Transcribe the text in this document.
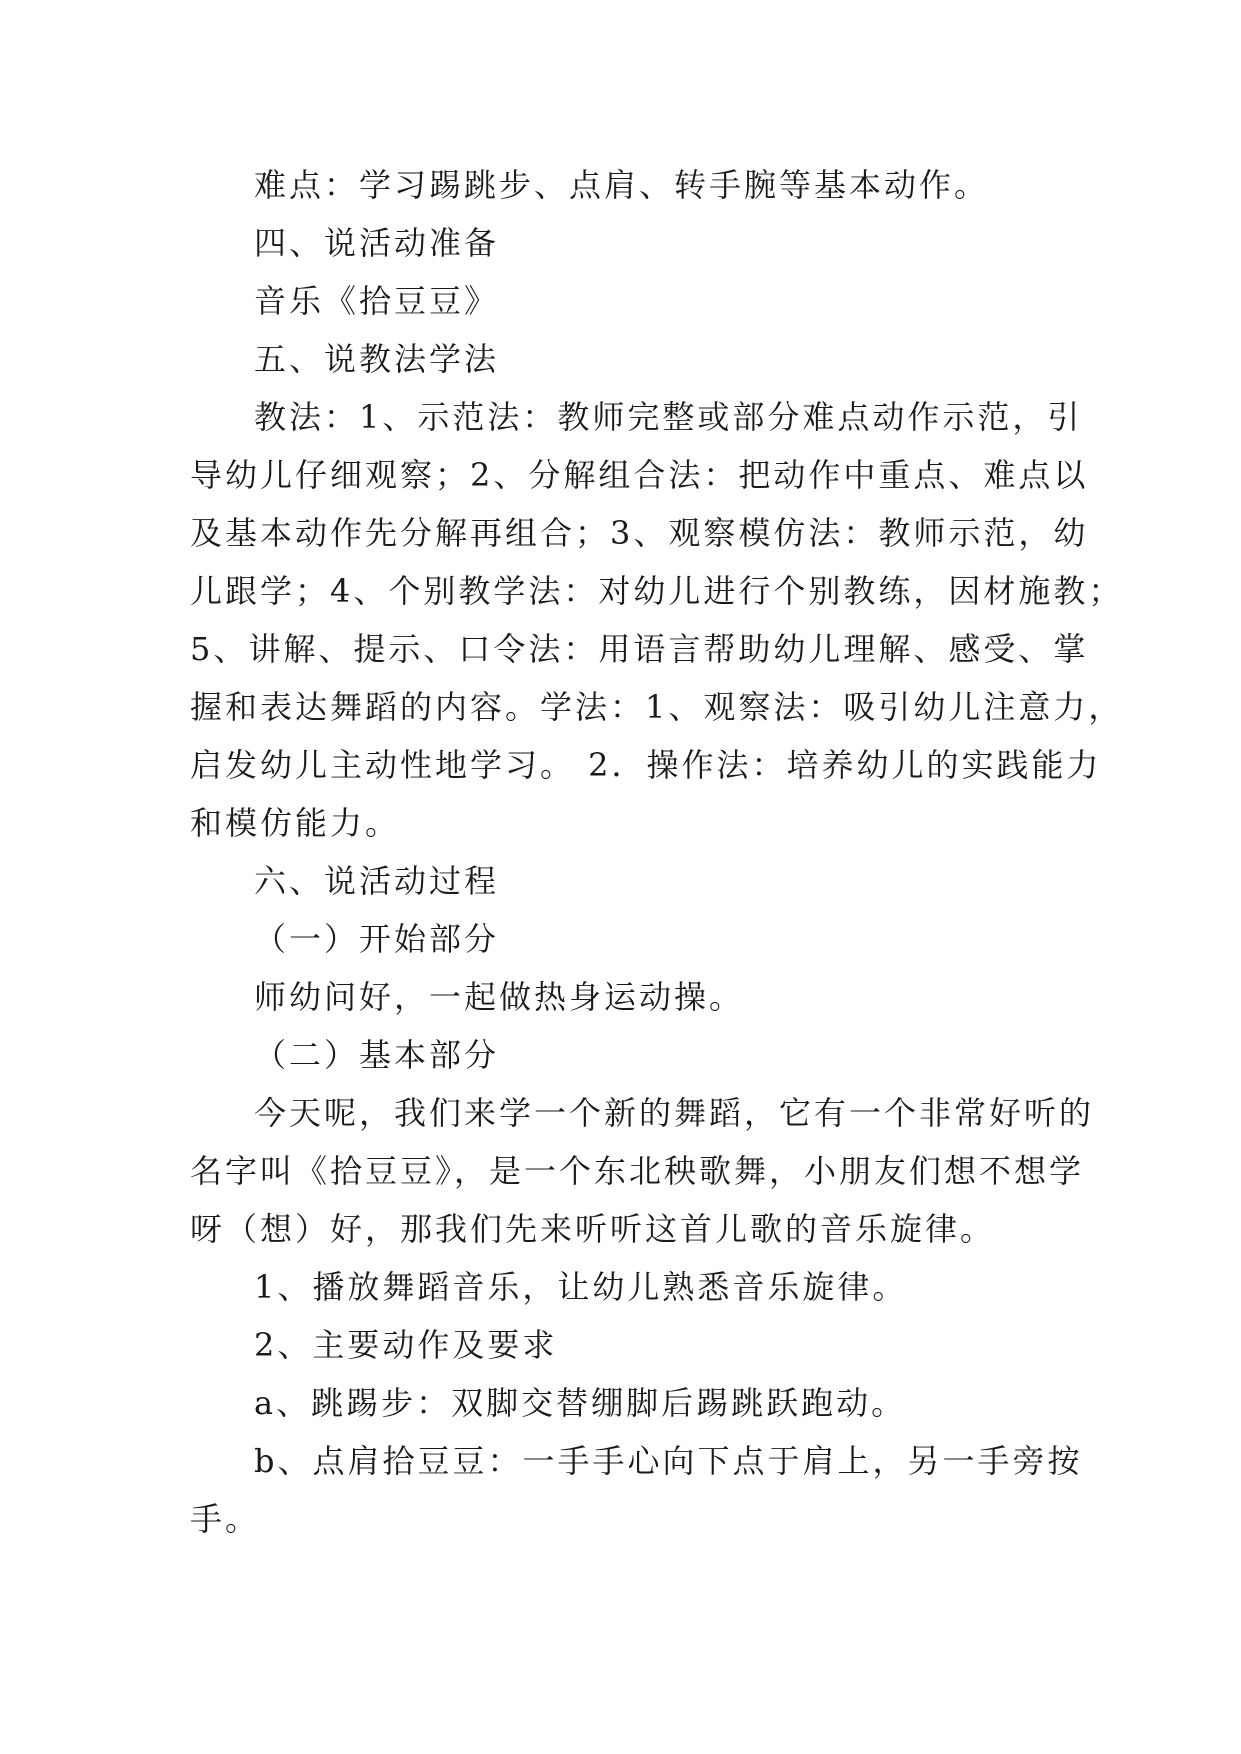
难点：学习踢跳步、点肩、转手腕等基本动作。
四、说活动准备
音乐《拾豆豆》
五、说教法学法
教法：1、示范法：教师完整或部分难点动作示范，引
导幼儿仔细观察；2、分解组合法：把动作中重点、难点以
及基本动作先分解再组合；3、观察模仿法：教师示范，幼
儿跟学；4、个别教学法：对幼儿进行个别教练，因材施教；
5、讲解、提示、口令法：用语言帮助幼儿理解、感受、掌
握和表达舞蹈的内容。学法：1、观察法：吸引幼儿注意力，
启发幼儿主动性地学习。 2．操作法：培养幼儿的实践能力
和模仿能力。
六、说活动过程
（一）开始部分
师幼问好，一起做热身运动操。
（二）基本部分
今天呢，我们来学一个新的舞蹈，它有一个非常好听的
名字叫《拾豆豆》，是一个东北秧歌舞，小朋友们想不想学
呀（想）好，那我们先来听听这首儿歌的音乐旋律。
1、播放舞蹈音乐，让幼儿熟悉音乐旋律。
2、主要动作及要求
a、跳踢步：双脚交替绷脚后踢跳跃跑动。
b、点肩拾豆豆：一手手心向下点于肩上，另一手旁按
手。
